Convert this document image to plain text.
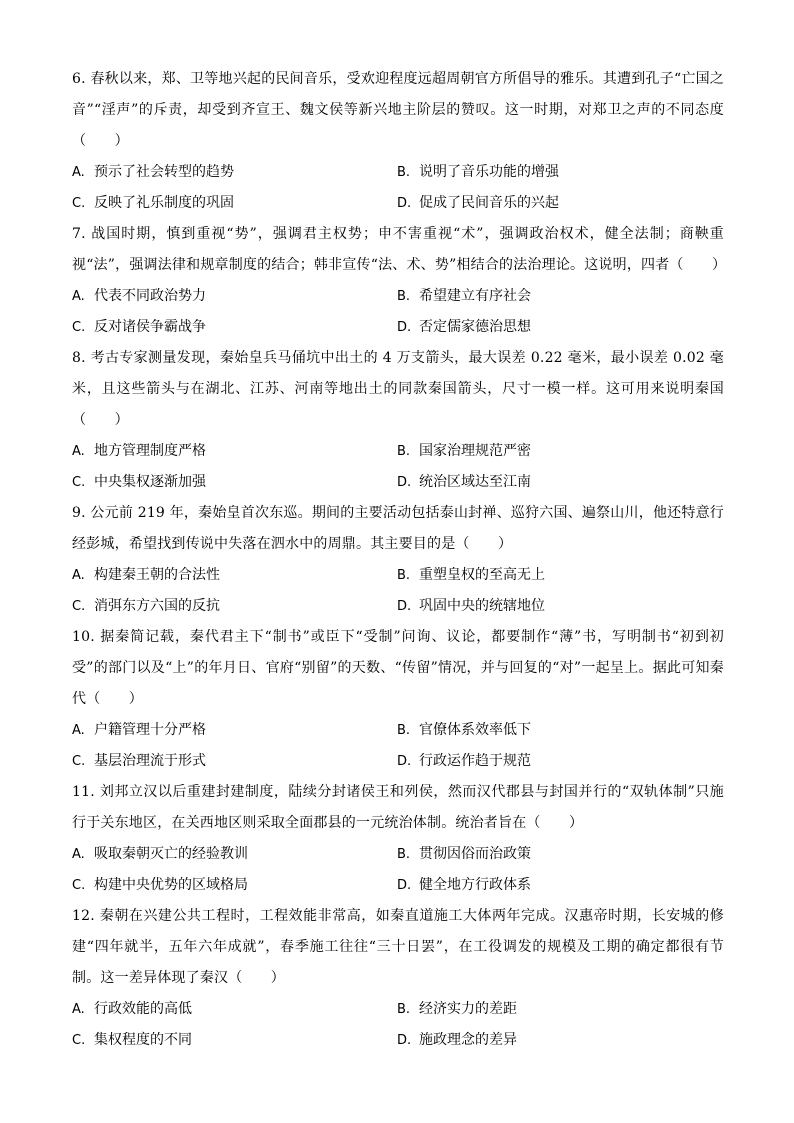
6. 春秋以来，郑、卫等地兴起的民间音乐，受欢迎程度远超周朝官方所倡导的雅乐。其遭到孔子“亡国之音”“淫声”的斥责，却受到齐宣王、魏文侯等新兴地主阶层的赞叹。这一时期，对郑卫之声的不同态度（　　）

A. 预示了社会转型的趋势	B. 说明了音乐功能的增强
C. 反映了礼乐制度的巩固	D. 促成了民间音乐的兴起

7. 战国时期，慎到重视“势”，强调君主权势；申不害重视“术”，强调政治权术，健全法制；商鞅重视“法”，强调法律和规章制度的结合；韩非宣传“法、术、势”相结合的法治理论。这说明，四者（　　）

A. 代表不同政治势力	B. 希望建立有序社会
C. 反对诸侯争霸战争	D. 否定儒家德治思想

8. 考古专家测量发现，秦始皇兵马俑坑中出土的 4 万支箭头，最大误差 0.22 毫米，最小误差 0.02 毫米，且这些箭头与在湖北、江苏、河南等地出土的同款秦国箭头，尺寸一模一样。这可用来说明秦国（　　）

A. 地方管理制度严格	B. 国家治理规范严密
C. 中央集权逐渐加强	D. 统治区域达至江南

9. 公元前 219 年，秦始皇首次东巡。期间的主要活动包括泰山封禅、巡狩六国、遍祭山川，他还特意行经彭城，希望找到传说中失落在泗水中的周鼎。其主要目的是（　　）

A. 构建秦王朝的合法性	B. 重塑皇权的至高无上
C. 消弭东方六国的反抗	D. 巩固中央的统辖地位

10. 据秦简记载，秦代君主下“制书”或臣下“受制”问询、议论，都要制作“薄”书，写明制书“初到初受”的部门以及“上”的年月日、官府“别留”的天数、“传留”情况，并与回复的“对”一起呈上。据此可知秦代（　　）

A. 户籍管理十分严格	B. 官僚体系效率低下
C. 基层治理流于形式	D. 行政运作趋于规范

11. 刘邦立汉以后重建封建制度，陆续分封诸侯王和列侯，然而汉代郡县与封国并行的“双轨体制”只施行于关东地区，在关西地区则采取全面郡县的一元统治体制。统治者旨在（　　）

A. 吸取秦朝灭亡的经验教训	B. 贯彻因俗而治政策
C. 构建中央优势的区域格局	D. 健全地方行政体系

12. 秦朝在兴建公共工程时，工程效能非常高，如秦直道施工大体两年完成。汉惠帝时期，长安城的修建“四年就半，五年六年成就”，春季施工往往“三十日罢”，在工役调发的规模及工期的确定都很有节制。这一差异体现了秦汉（　　）

A. 行政效能的高低	B. 经济实力的差距
C. 集权程度的不同	D. 施政理念的差异
